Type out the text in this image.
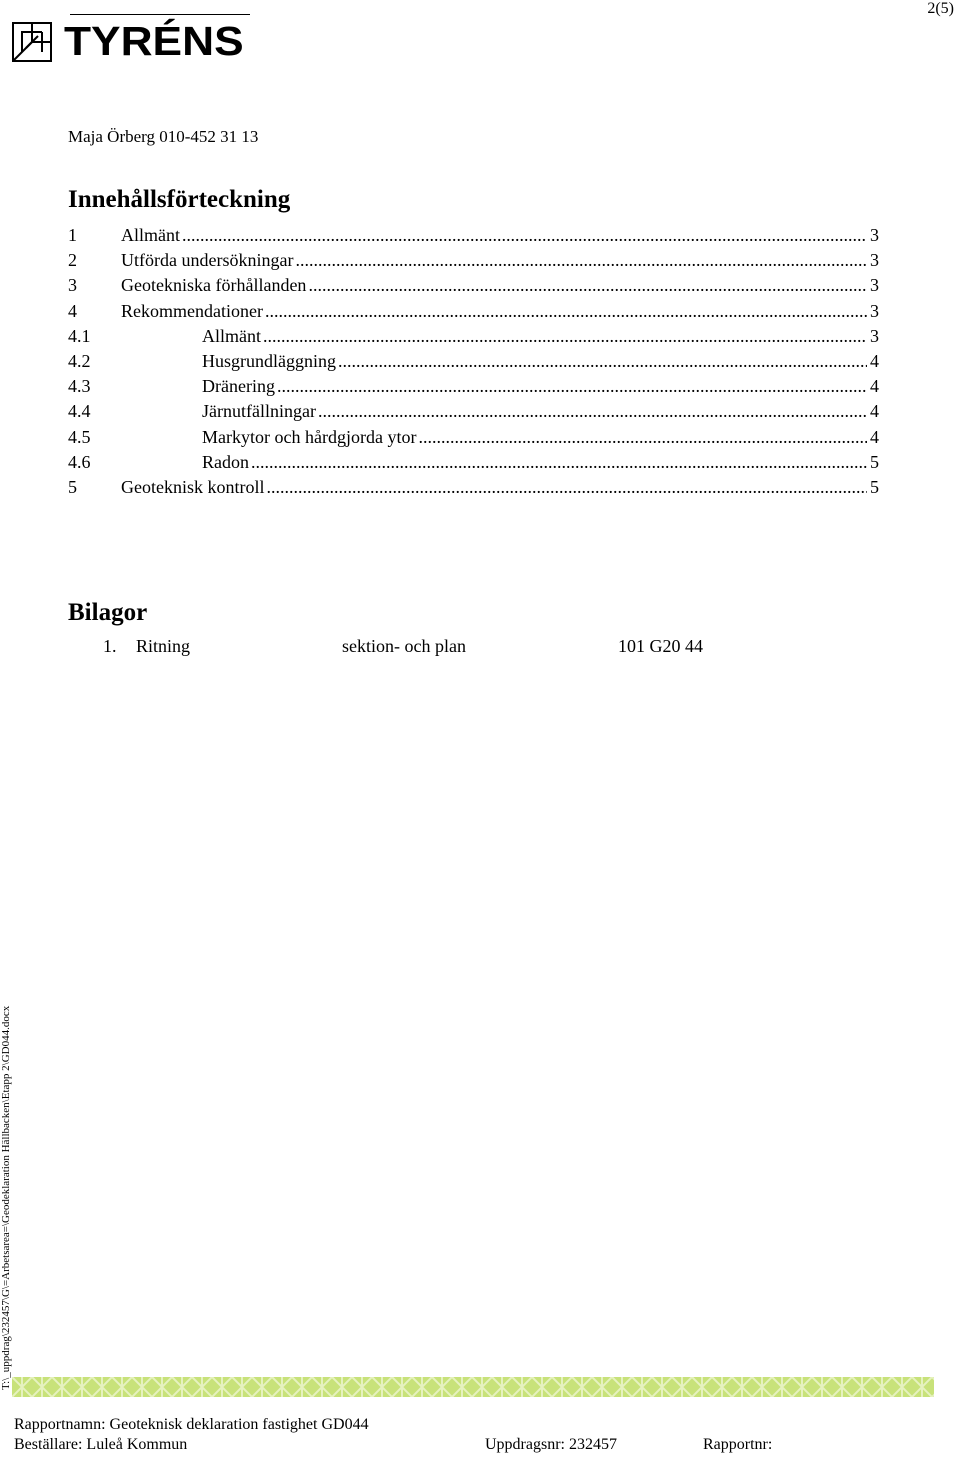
TYRÉNS
2(5)
Maja Örberg 010-452 31 13
Innehållsförteckning
1	Allmänt .....	3
2	Utförda undersökningar .....	3
3	Geotekniska förhållanden .....	3
4	Rekommendationer .....	3
4.1	Allmänt .....	3
4.2	Husgrundläggning .....	4
4.3	Dränering .....	4
4.4	Järnutfällningar .....	4
4.5	Markytor och hårdgjorda ytor .....	4
4.6	Radon .....	5
5	Geoteknisk kontroll .....	5
Bilagor
1. Ritning	sektion- och plan	101 G20 44
T:\_uppdrag\232457\G\=Arbetsarea=\Geodeklaration Hällbacken\Etapp 2\GD044.docx
Rapportnamn: Geoteknisk deklaration fastighet GD044
Beställare: Luleå Kommun	Uppdragsnr: 232457	Rapportnr:
